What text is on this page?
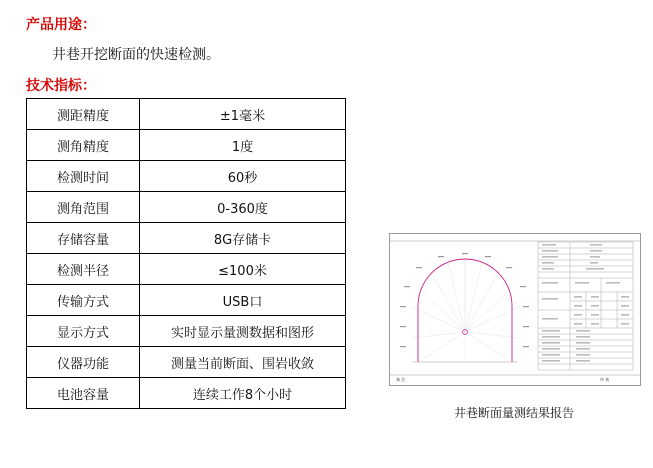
产品用途：
井巷开挖断面的快速检测。
技术指标：
测距精度	±1毫米
测角精度	1度
检测时间	60秒
测角范围	0-360度
存储容量	8G存储卡
检测半径	≤100米
传输方式	USB口
显示方式	实时显示量测数据和图形
仪器功能	测量当前断面、围岩收敛
电池容量	连续工作8个小时
备 注	审 核
井巷断面量测结果报告
